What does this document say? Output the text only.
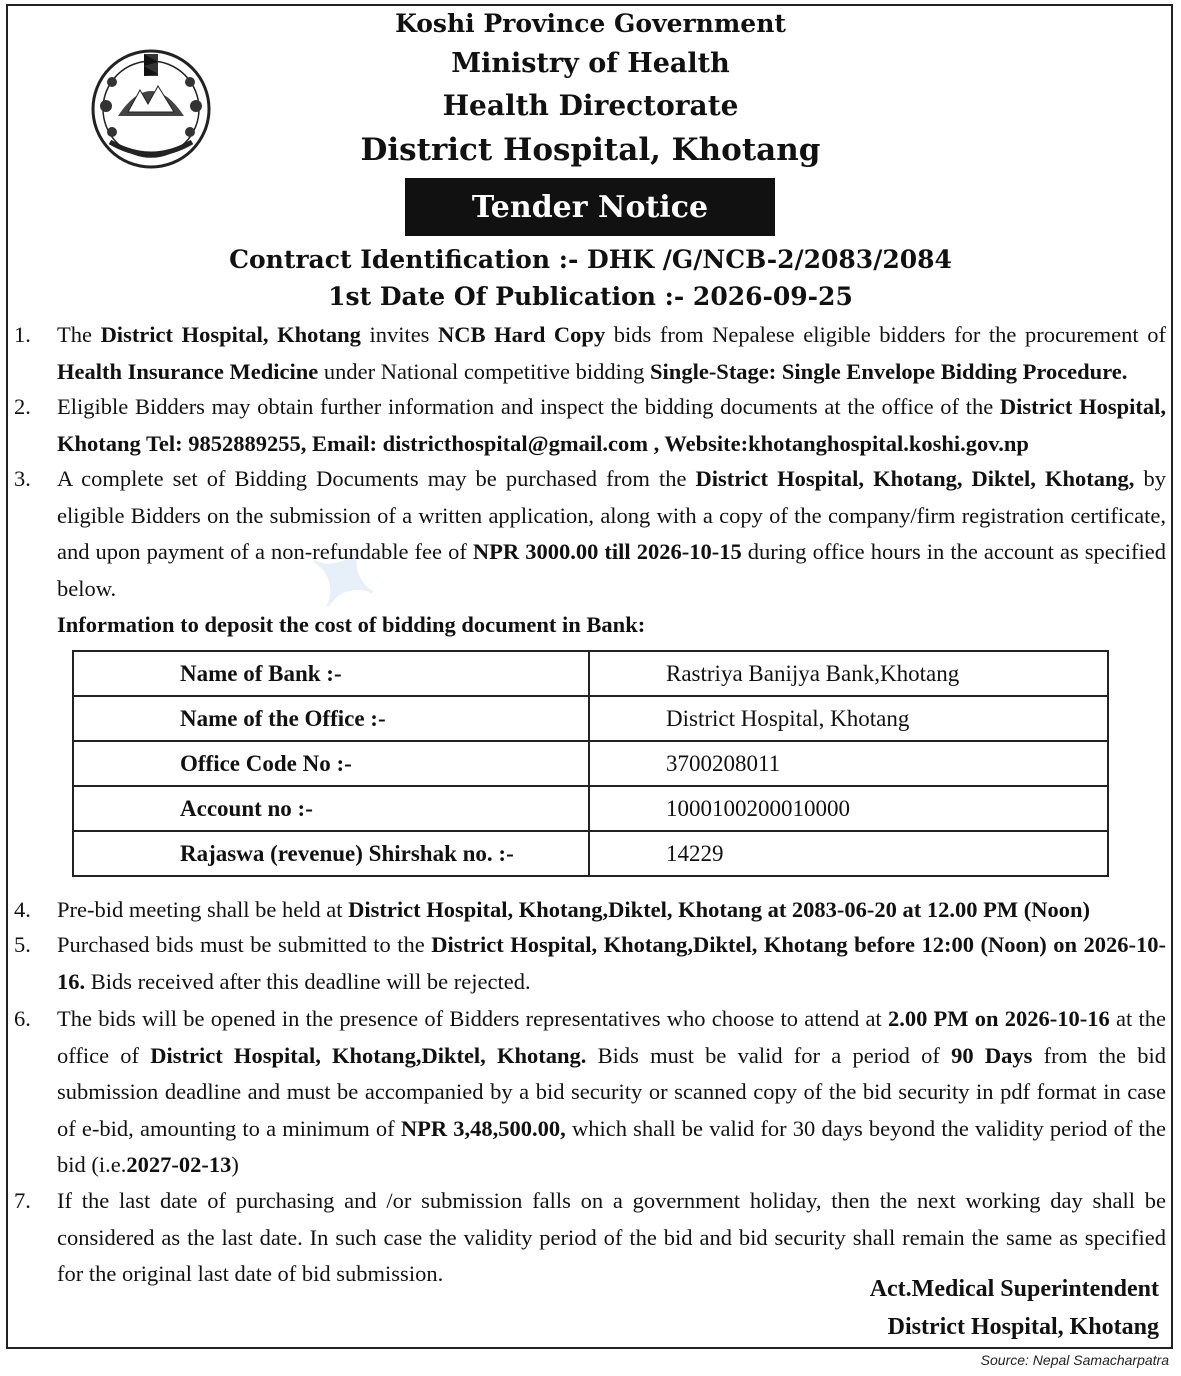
✦
Koshi Province Government
Ministry of Health
Health Directorate
District Hospital, Khotang
Tender Notice
Contract Identification :- DHK /G/NCB-2/2083/2084
1st Date Of Publication :- 2026-09-25
1. The District Hospital, Khotang invites NCB Hard Copy bids from Nepalese eligible bidders for the procurement of Health Insurance Medicine under National competitive bidding Single-Stage: Single Envelope Bidding Procedure.
2. Eligible Bidders may obtain further information and inspect the bidding documents at the office of the District Hospital, Khotang Tel: 9852889255, Email: districthospital@gmail.com , Website:khotanghospital.koshi.gov.np
3. A complete set of Bidding Documents may be purchased from the District Hospital, Khotang, Diktel, Khotang, by eligible Bidders on the submission of a written application, along with a copy of the company/firm registration certificate, and upon payment of a non-refundable fee of NPR 3000.00 till 2026-10-15 during office hours in the account as specified below.
Information to deposit the cost of bidding document in Bank:
Name of Bank :-	Rastriya Banijya Bank,Khotang
Name of the Office :-	District Hospital, Khotang
Office Code No :-	3700208011
Account no :-	1000100200010000
Rajaswa (revenue) Shirshak no. :-	14229
4. Pre-bid meeting shall be held at District Hospital, Khotang,Diktel, Khotang at 2083-06-20 at 12.00 PM (Noon)
5. Purchased bids must be submitted to the District Hospital, Khotang,Diktel, Khotang before 12:00 (Noon) on 2026-10-16. Bids received after this deadline will be rejected.
6. The bids will be opened in the presence of Bidders representatives who choose to attend at 2.00 PM on 2026-10-16 at the office of District Hospital, Khotang,Diktel, Khotang. Bids must be valid for a period of 90 Days from the bid submission deadline and must be accompanied by a bid security or scanned copy of the bid security in pdf format in case of e-bid, amounting to a minimum of NPR 3,48,500.00, which shall be valid for 30 days beyond the validity period of the bid (i.e.2027-02-13)
7. If the last date of purchasing and /or submission falls on a government holiday, then the next working day shall be considered as the last date. In such case the validity period of the bid and bid security shall remain the same as specified for the original last date of bid submission.
Act.Medical Superintendent
District Hospital, Khotang
Source: Nepal Samacharpatra
